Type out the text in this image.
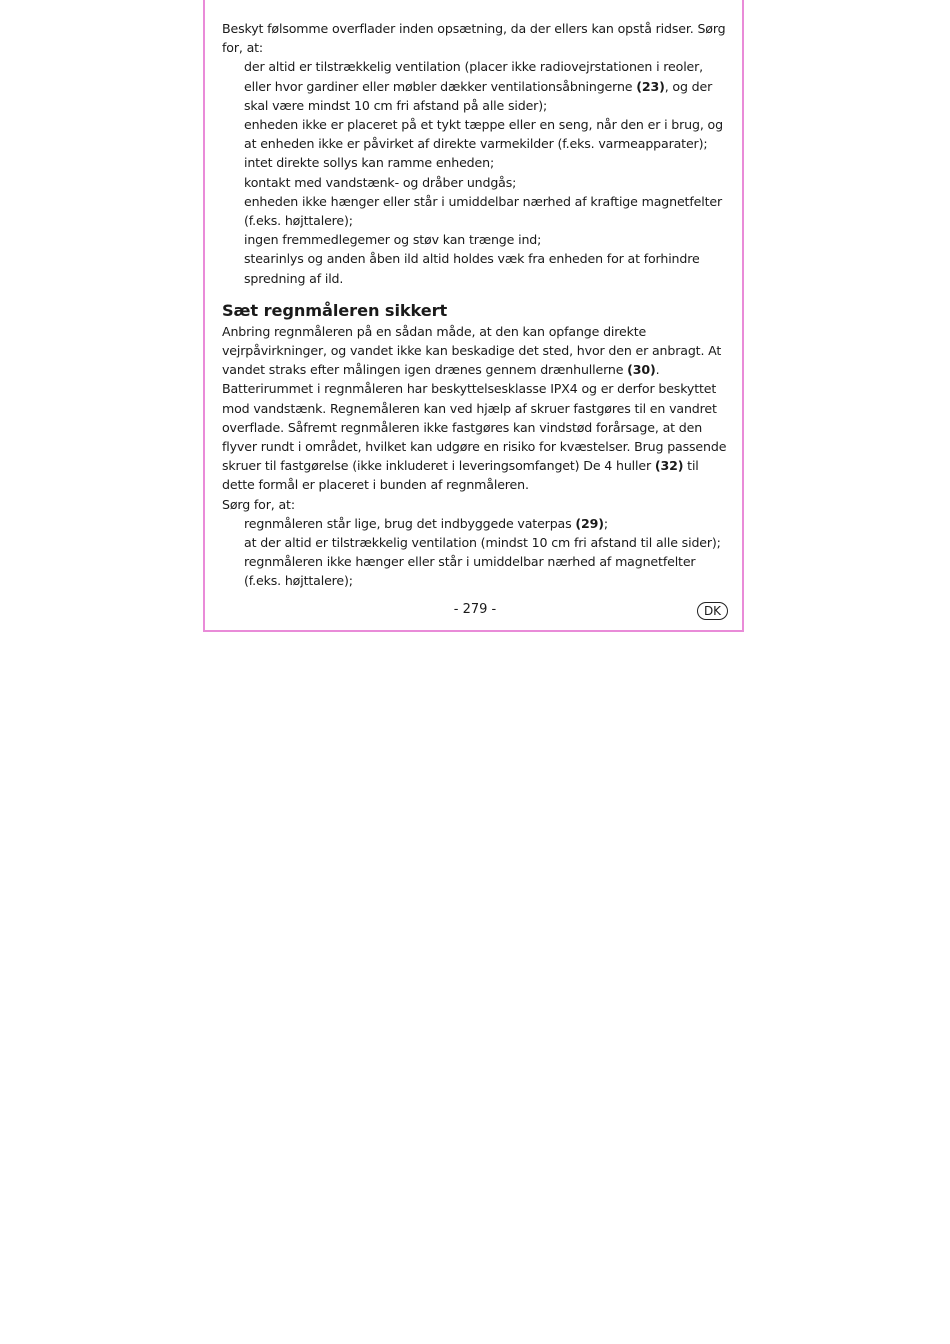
Beskyt følsomme overflader inden opsætning, da der ellers kan opstå ridser. Sørg for, at:

der altid er tilstrækkelig ventilation (placer ikke radiovejrstationen i reoler, eller hvor gardiner eller møbler dækker ventilationsåbningerne (23), og der skal være mindst 10 cm fri afstand på alle sider);
enheden ikke er placeret på et tykt tæppe eller en seng, når den er i brug, og at enheden ikke er påvirket af direkte varmekilder (f.eks. varmeapparater);
intet direkte sollys kan ramme enheden;
kontakt med vandstænk- og dråber undgås;
enheden ikke hænger eller står i umiddelbar nærhed af kraftige magnetfelter (f.eks. højttalere);
ingen fremmedlegemer og støv kan trænge ind;
stearinlys og anden åben ild altid holdes væk fra enheden for at forhindre spredning af ild.
Sæt regnmåleren sikkert

Anbring regnmåleren på en sådan måde, at den kan opfange direkte vejrpåvirkninger, og vandet ikke kan beskadige det sted, hvor den er anbragt. At vandet straks efter målingen igen drænes gennem drænhullerne (30).

Batterirummet i regnmåleren har beskyttelsesklasse IPX4 og er derfor beskyttet mod vandstænk. Regnemåleren kan ved hjælp af skruer fastgøres til en vandret overflade. Såfremt regnmåleren ikke fastgøres kan vindstød forårsage, at den flyver rundt i området, hvilket kan udgøre en risiko for kvæstelser. Brug passende skruer til fastgørelse (ikke inkluderet i leveringsomfanget) De 4 huller (32) til dette formål er placeret i bunden af regnmåleren.

Sørg for, at:

regnmåleren står lige, brug det indbyggede vaterpas (29);
at der altid er tilstrækkelig ventilation (mindst 10 cm fri afstand til alle sider);
regnmåleren ikke hænger eller står i umiddelbar nærhed af magnetfelter (f.eks. højttalere);
- 279 -	DK
